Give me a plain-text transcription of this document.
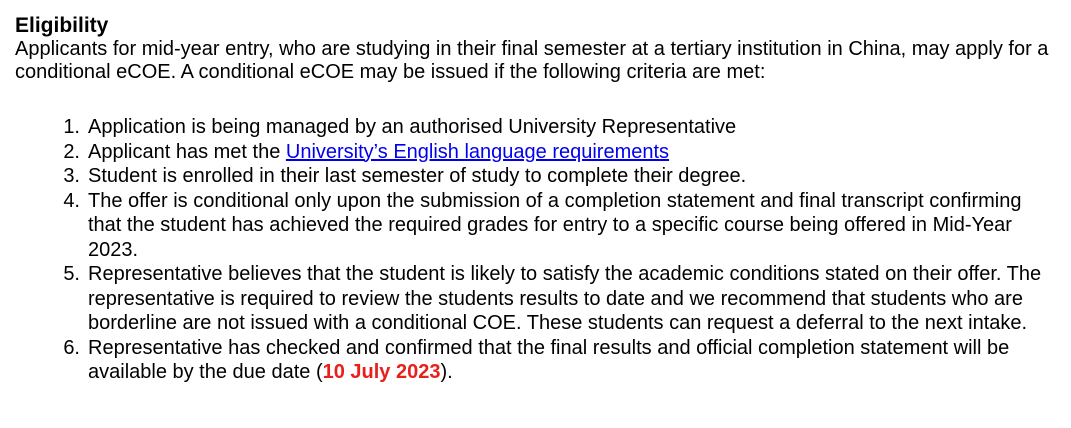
Eligibility

Applicants for mid-year entry, who are studying in their final semester at a tertiary institution in China, may apply for a conditional eCOE. A conditional eCOE may be issued if the following criteria are met:

1. Application is being managed by an authorised University Representative
2. Applicant has met the University’s English language requirements
3. Student is enrolled in their last semester of study to complete their degree.
4. The offer is conditional only upon the submission of a completion statement and final transcript confirming that the student has achieved the required grades for entry to a specific course being offered in Mid-Year 2023.
5. Representative believes that the student is likely to satisfy the academic conditions stated on their offer. The representative is required to review the students results to date and we recommend that students who are borderline are not issued with a conditional COE. These students can request a deferral to the next intake.
6. Representative has checked and confirmed that the final results and official completion statement will be available by the due date (10 July 2023).
